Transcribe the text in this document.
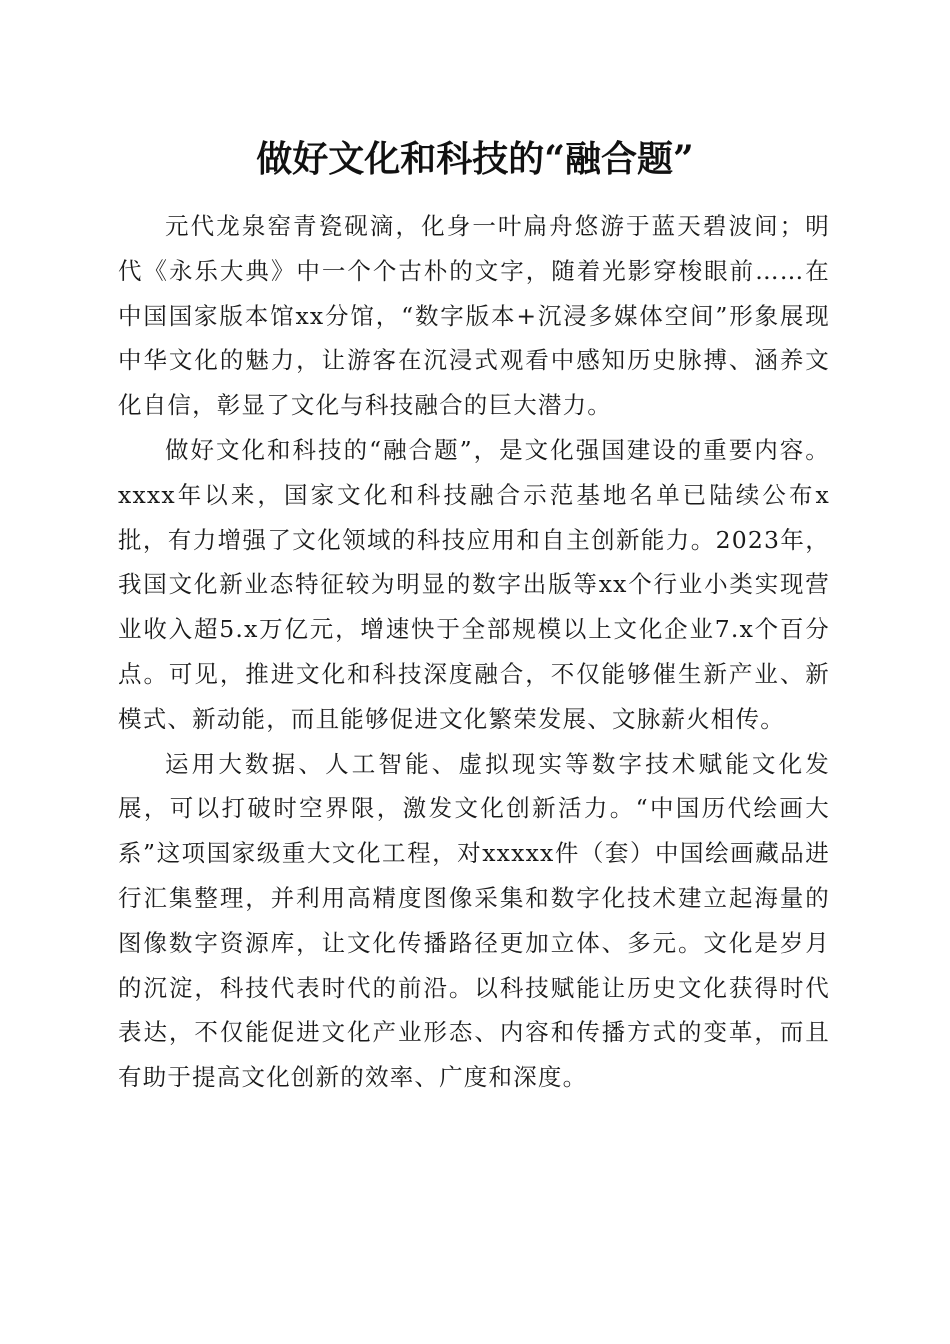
做好文化和科技的“融合题”

元代龙泉窑青瓷砚滴，化身一叶扁舟悠游于蓝天碧波间；明代《永乐大典》中一个个古朴的文字，随着光影穿梭眼前……在中国国家版本馆xx分馆，“数字版本+沉浸多媒体空间”形象展现中华文化的魅力，让游客在沉浸式观看中感知历史脉搏、涵养文化自信，彰显了文化与科技融合的巨大潜力。

做好文化和科技的“融合题”，是文化强国建设的重要内容。xxxx年以来，国家文化和科技融合示范基地名单已陆续公布x批，有力增强了文化领域的科技应用和自主创新能力。2023年，我国文化新业态特征较为明显的数字出版等xx个行业小类实现营业收入超5.x万亿元，增速快于全部规模以上文化企业7.x个百分点。可见，推进文化和科技深度融合，不仅能够催生新产业、新模式、新动能，而且能够促进文化繁荣发展、文脉薪火相传。

运用大数据、人工智能、虚拟现实等数字技术赋能文化发展，可以打破时空界限，激发文化创新活力。“中国历代绘画大系”这项国家级重大文化工程，对xxxxx件（套）中国绘画藏品进行汇集整理，并利用高精度图像采集和数字化技术建立起海量的图像数字资源库，让文化传播路径更加立体、多元。文化是岁月的沉淀，科技代表时代的前沿。以科技赋能让历史文化获得时代表达，不仅能促进文化产业形态、内容和传播方式的变革，而且有助于提高文化创新的效率、广度和深度。
